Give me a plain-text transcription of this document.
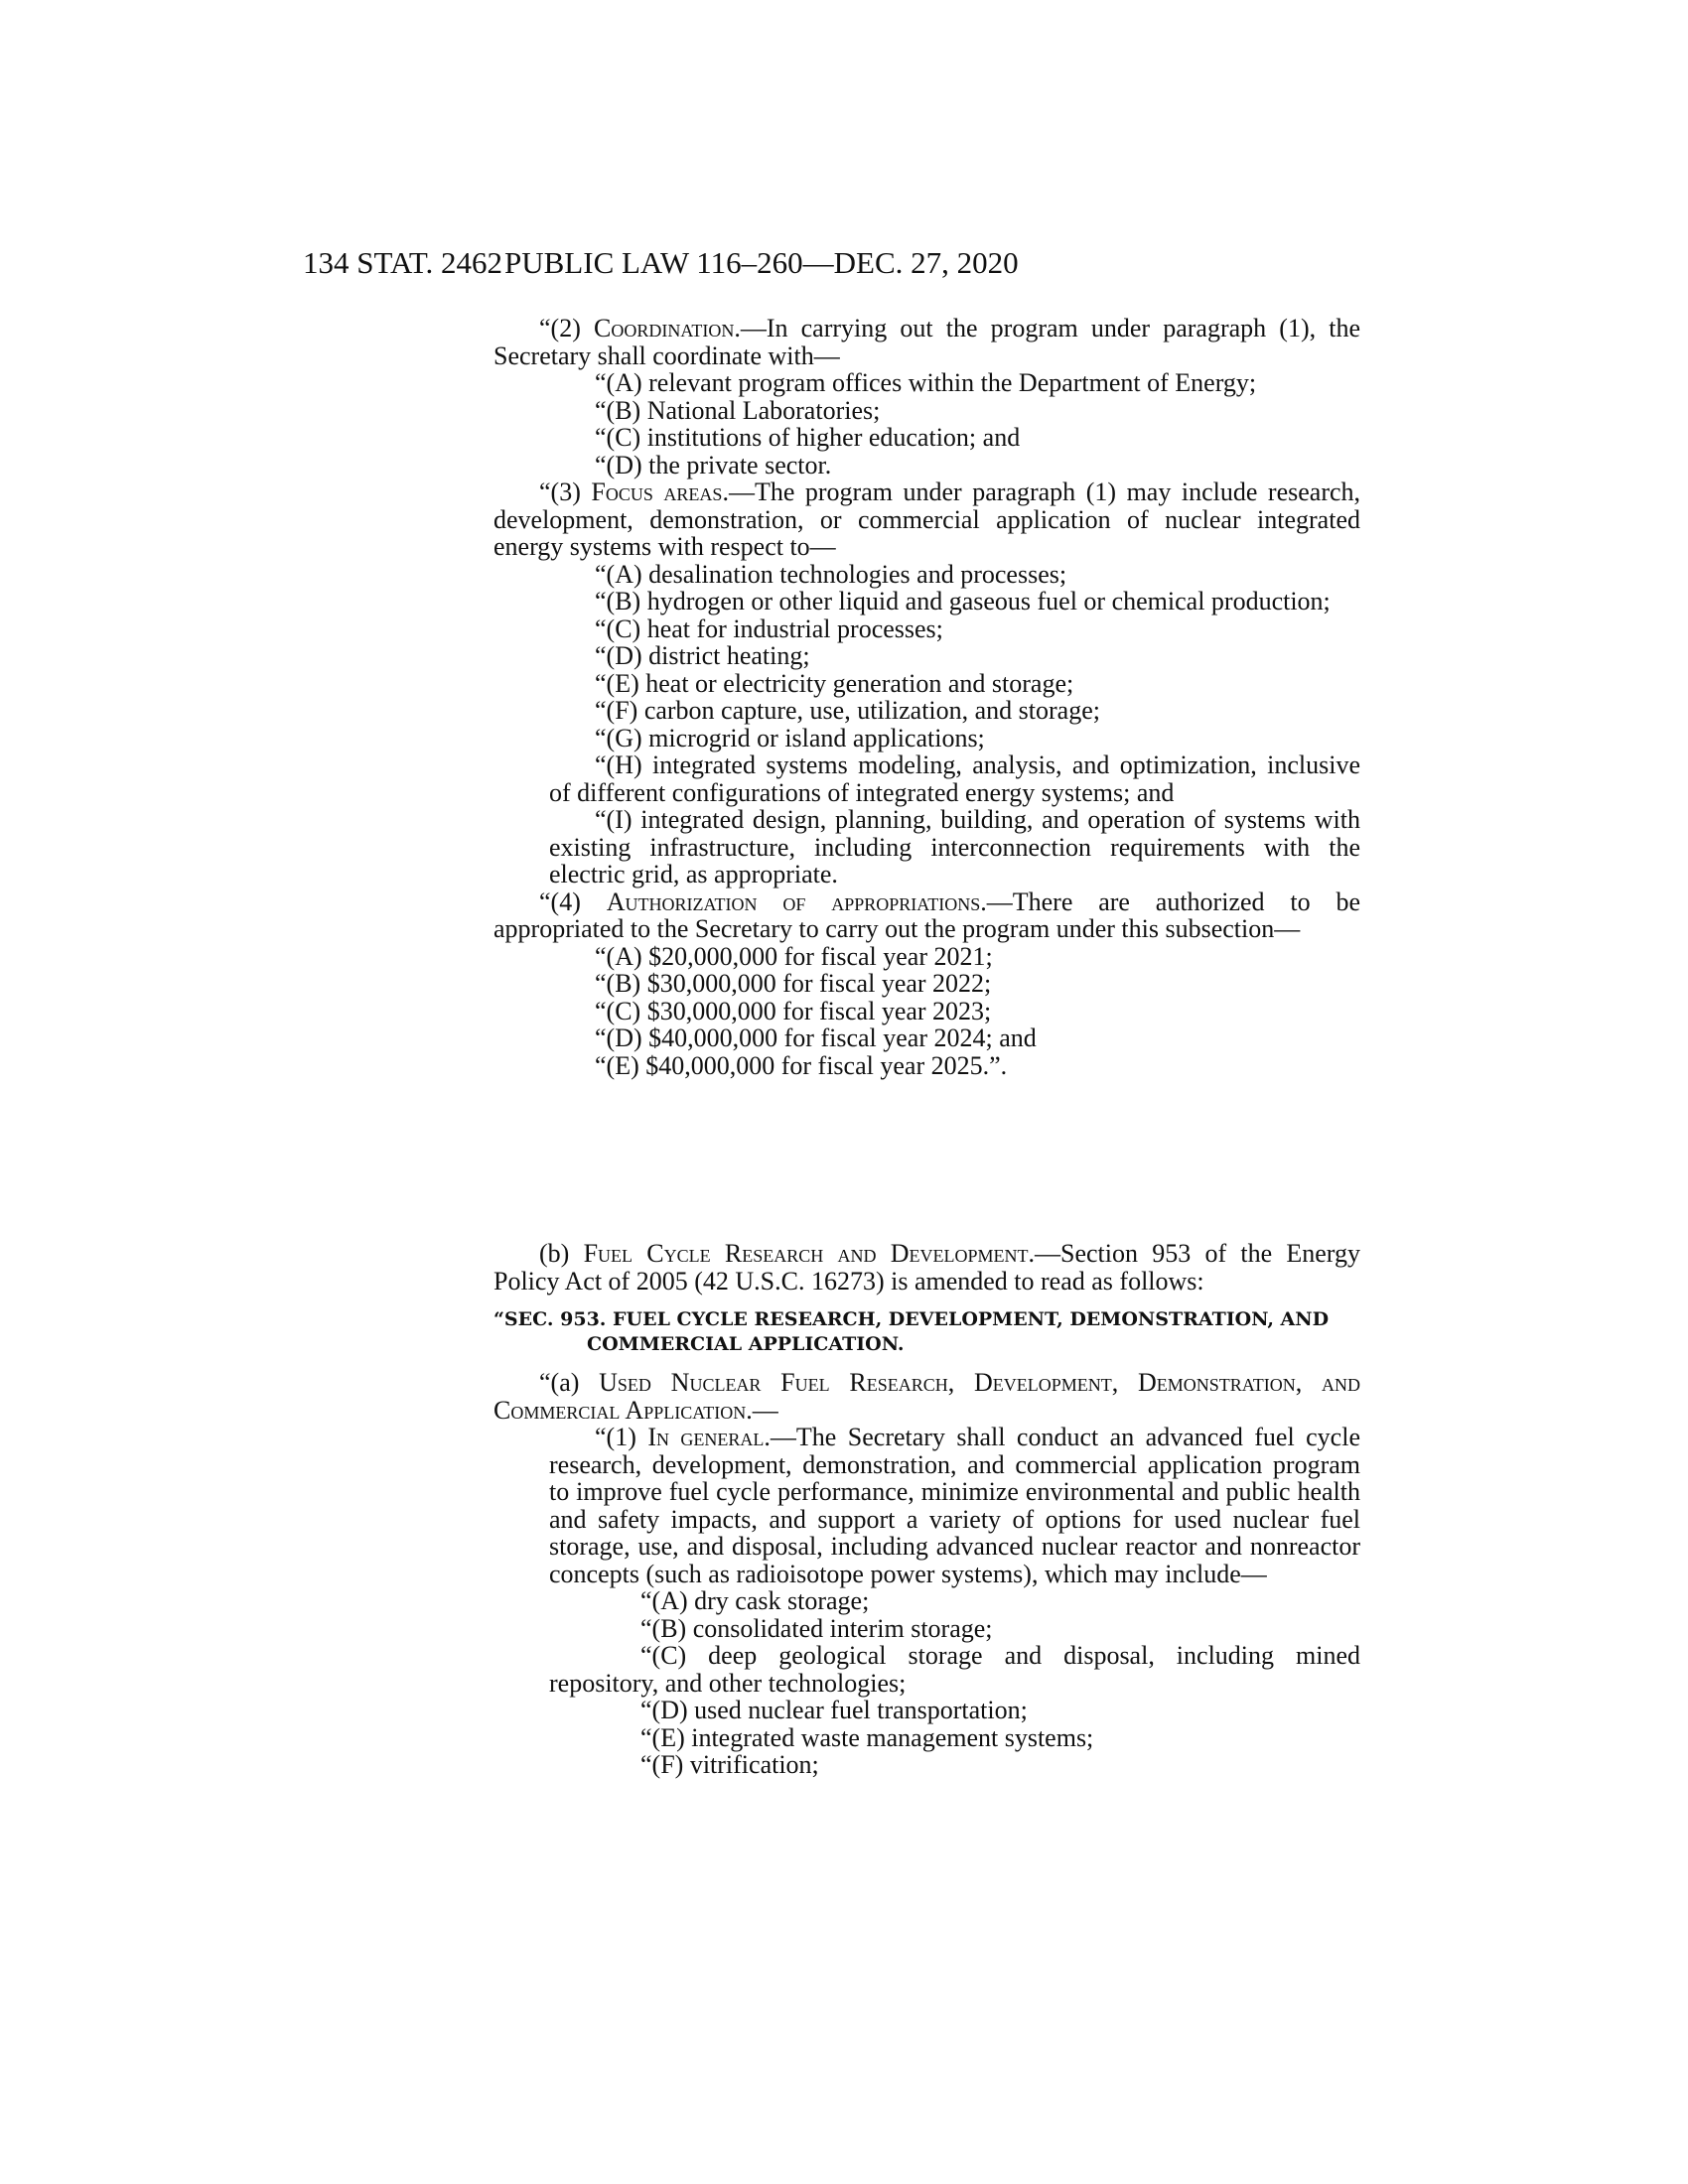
134 STAT. 2462 PUBLIC LAW 116–260—DEC. 27, 2020

“(2) Coordination.—In carrying out the program under paragraph (1), the Secretary shall coordinate with—

“(A) relevant program offices within the Department of Energy;

“(B) National Laboratories;

“(C) institutions of higher education; and

“(D) the private sector.

“(3) Focus areas.—The program under paragraph (1) may include research, development, demonstration, or commercial application of nuclear integrated energy systems with respect to—

“(A) desalination technologies and processes;

“(B) hydrogen or other liquid and gaseous fuel or chemical production;

“(C) heat for industrial processes;

“(D) district heating;

“(E) heat or electricity generation and storage;

“(F) carbon capture, use, utilization, and storage;

“(G) microgrid or island applications;

“(H) integrated systems modeling, analysis, and optimization, inclusive of different configurations of integrated energy systems; and

“(I) integrated design, planning, building, and operation of systems with existing infrastructure, including interconnection requirements with the electric grid, as appropriate.

“(4) Authorization of appropriations.—There are authorized to be appropriated to the Secretary to carry out the program under this subsection—

“(A) $20,000,000 for fiscal year 2021;

“(B) $30,000,000 for fiscal year 2022;

“(C) $30,000,000 for fiscal year 2023;

“(D) $40,000,000 for fiscal year 2024; and

“(E) $40,000,000 for fiscal year 2025.”.

(b) Fuel Cycle Research and Development.—Section 953 of the Energy Policy Act of 2005 (42 U.S.C. 16273) is amended to read as follows:

“SEC. 953. FUEL CYCLE RESEARCH, DEVELOPMENT, DEMONSTRATION, AND COMMERCIAL APPLICATION.

“(a) Used Nuclear Fuel Research, Development, Demonstration, and Commercial Application.—

“(1) In general.—The Secretary shall conduct an advanced fuel cycle research, development, demonstration, and commercial application program to improve fuel cycle performance, minimize environmental and public health and safety impacts, and support a variety of options for used nuclear fuel storage, use, and disposal, including advanced nuclear reactor and nonreactor concepts (such as radioisotope power systems), which may include—

“(A) dry cask storage;

“(B) consolidated interim storage;

“(C) deep geological storage and disposal, including mined repository, and other technologies;

“(D) used nuclear fuel transportation;

“(E) integrated waste management systems;

“(F) vitrification;
